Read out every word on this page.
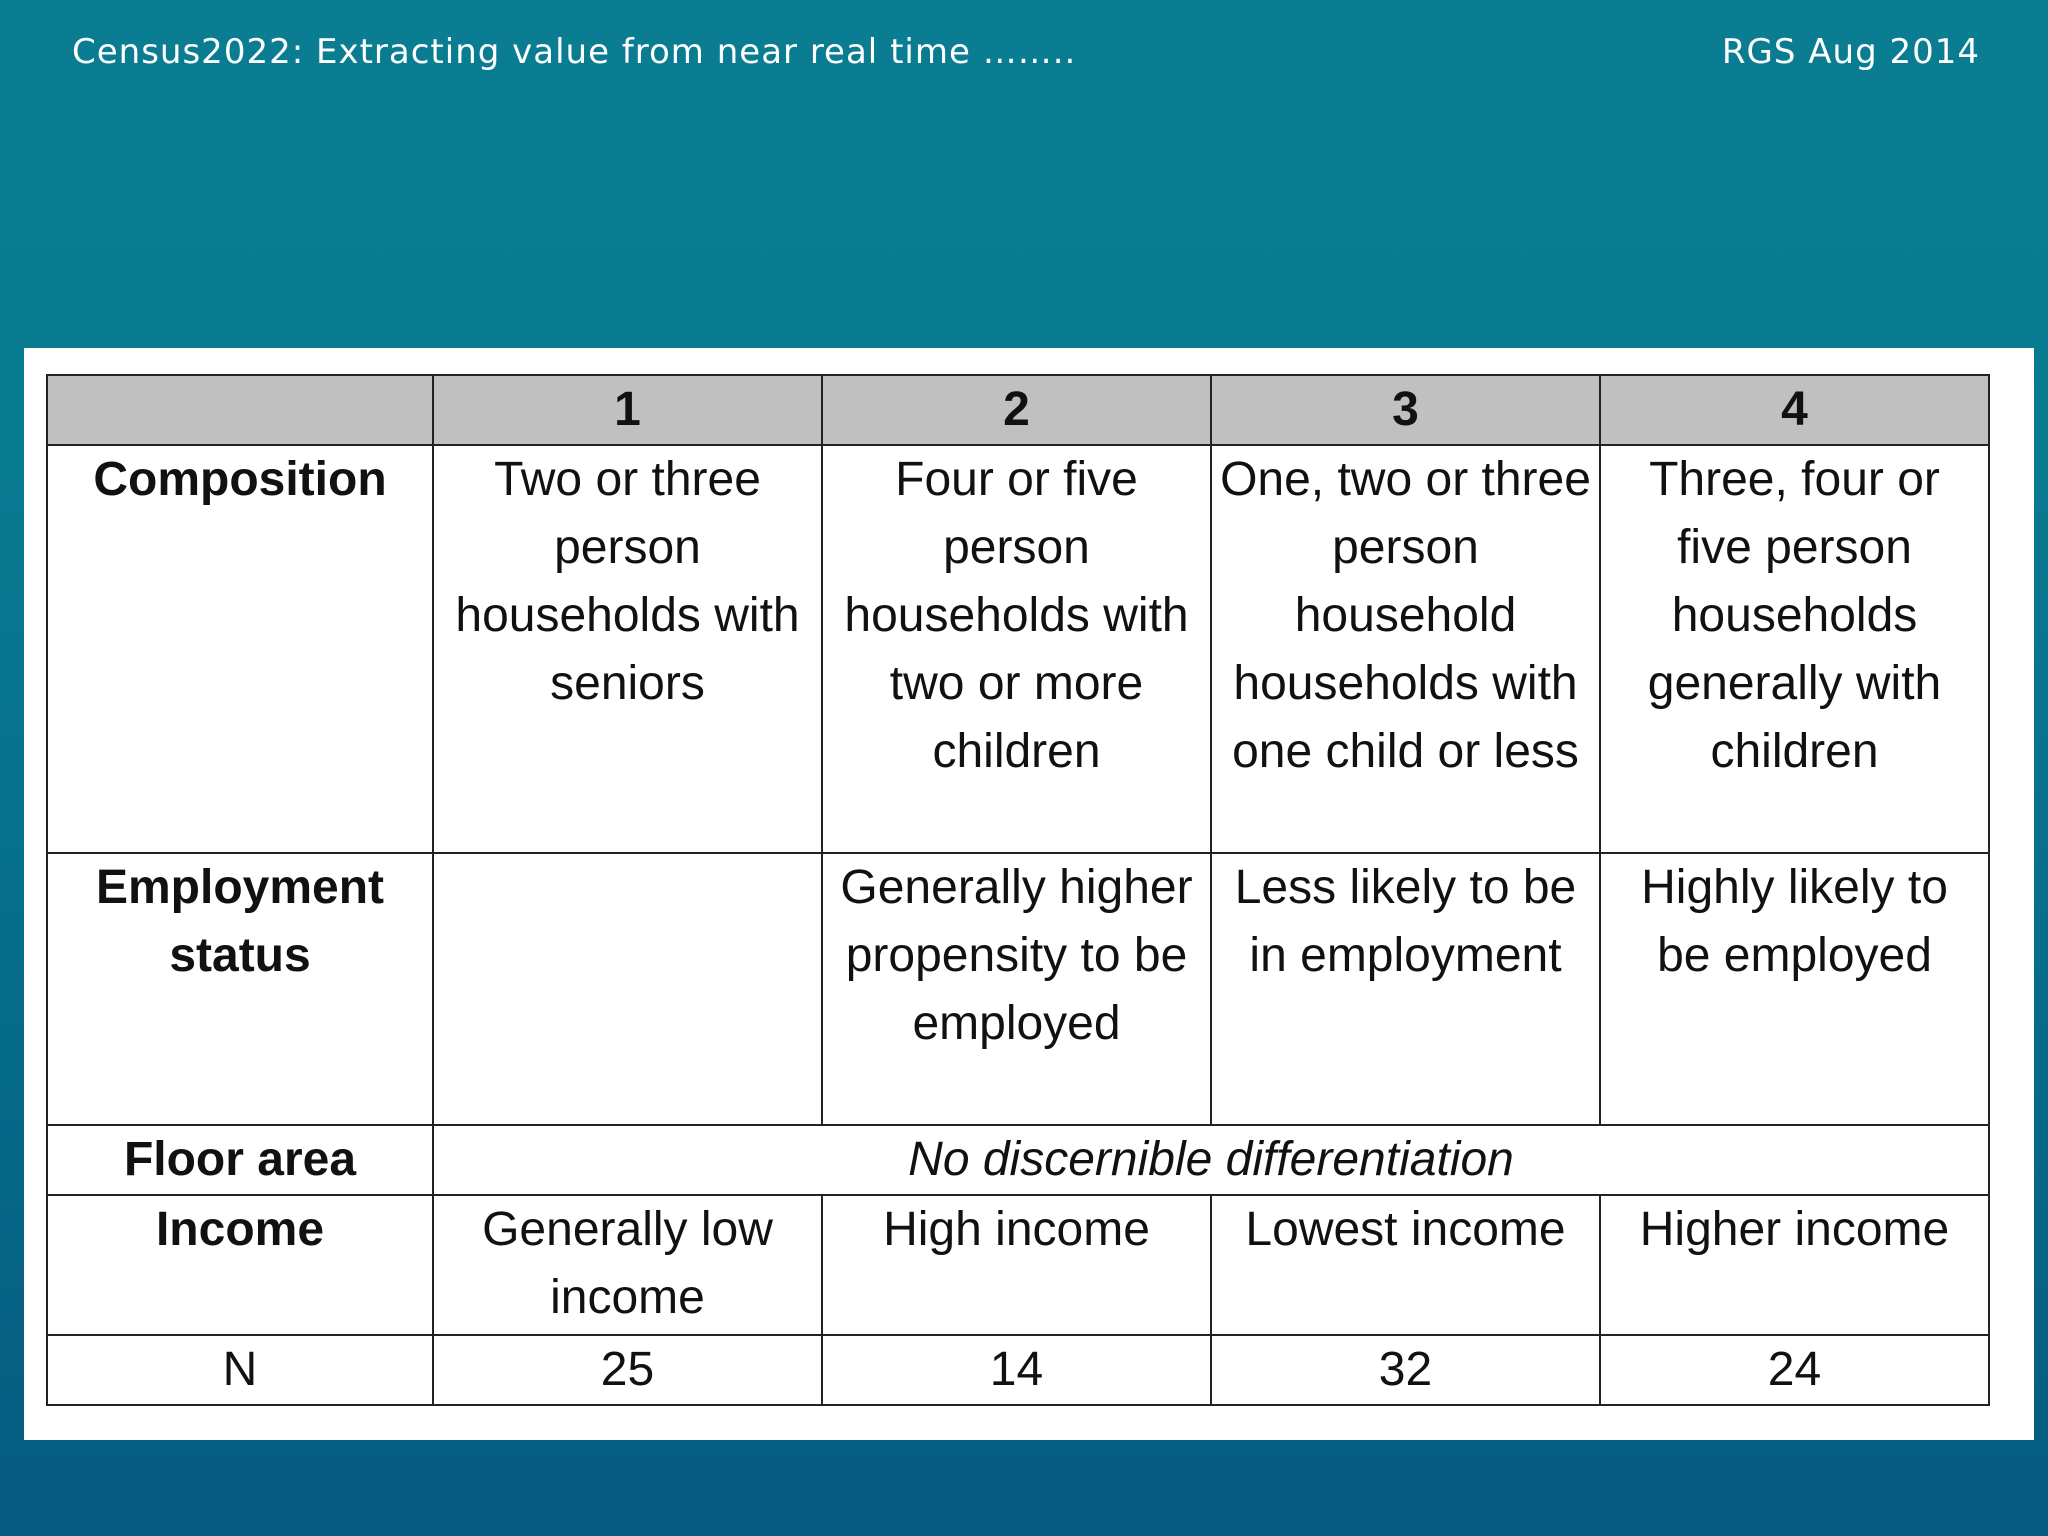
Census2022: Extracting value from near real time ……..	RGS Aug 2014
	1	2	3	4
Composition	Two or three person households with seniors	Four or five person households with two or more children	One, two or three person household households with one child or less	Three, four or five person households generally with children
Employment status		Generally higher propensity to be employed	Less likely to be in employment	Highly likely to be employed
Floor area	No discernible differentiation			
Income	Generally low income	High income	Lowest income	Higher income
N	25	14	32	24
